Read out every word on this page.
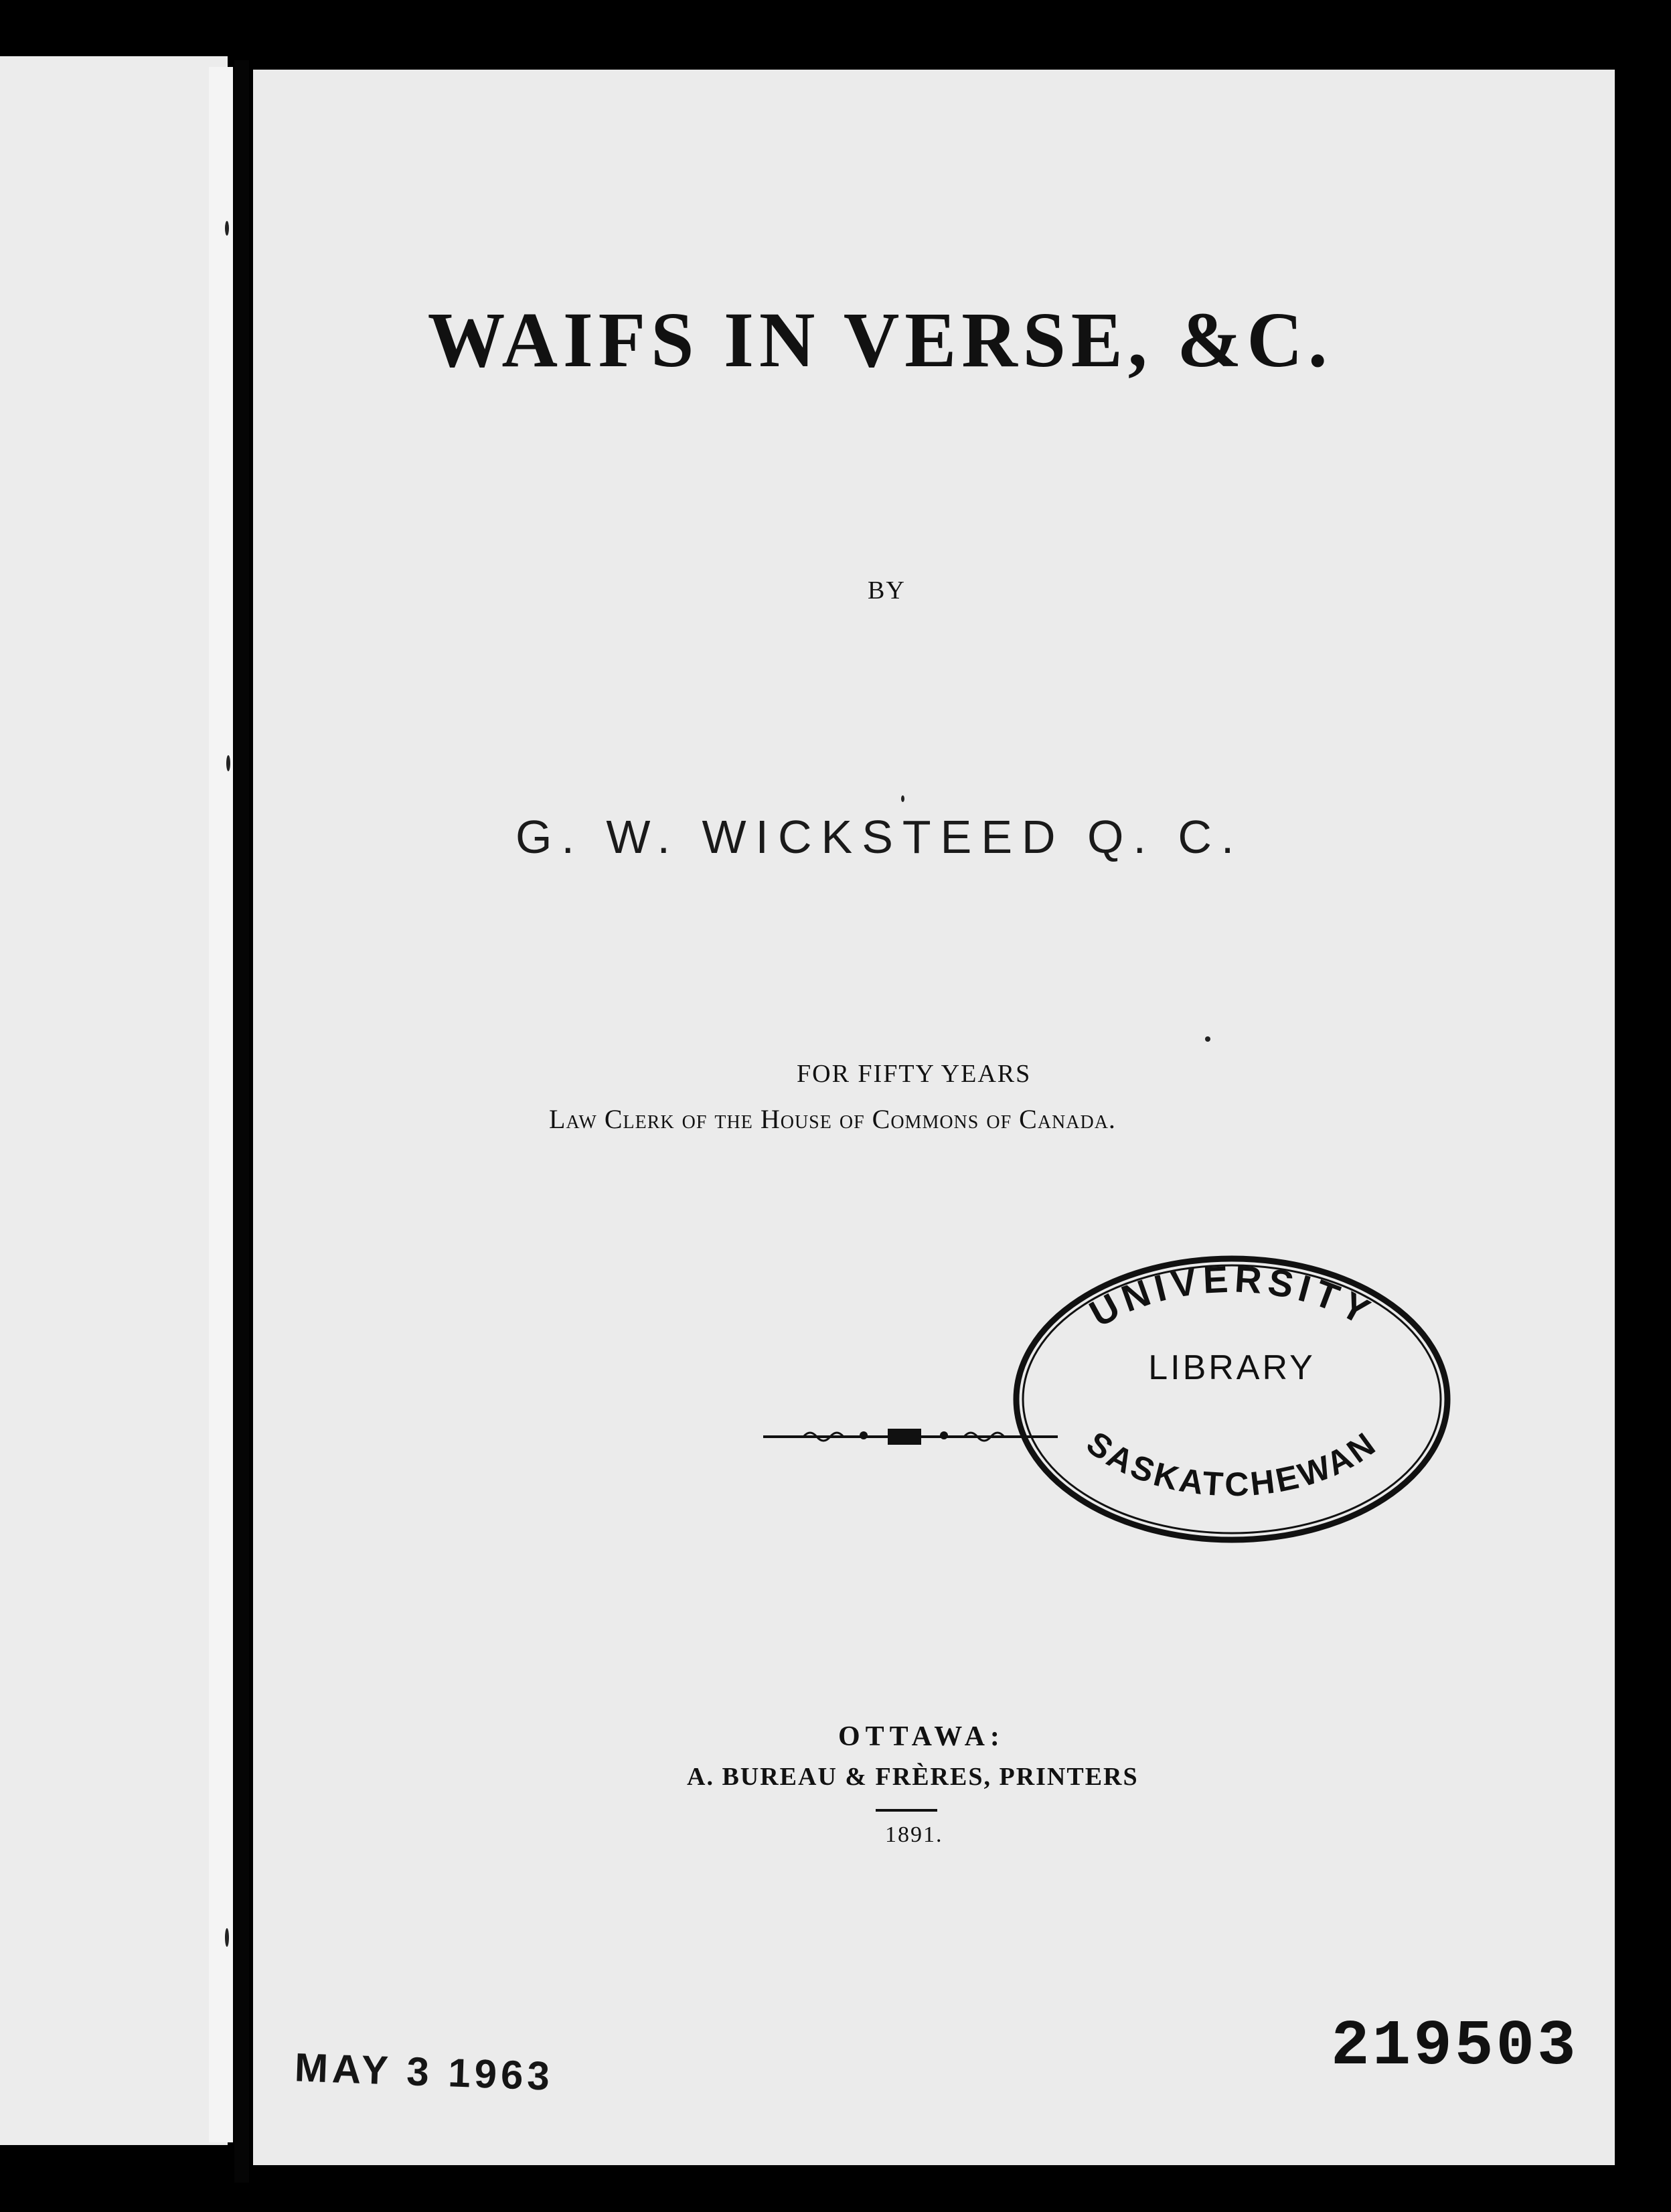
WAIFS IN VERSE, &C.

BY

G. W. WICKSTEED Q. C.

FOR FIFTY YEARS

Law Clerk of the House of Commons of Canada.

UNIVERSITY
LIBRARY
SASKATCHEWAN

OTTAWA:

A. BUREAU & FRÈRES, PRINTERS

1891.

219503

MAY 3 1963
